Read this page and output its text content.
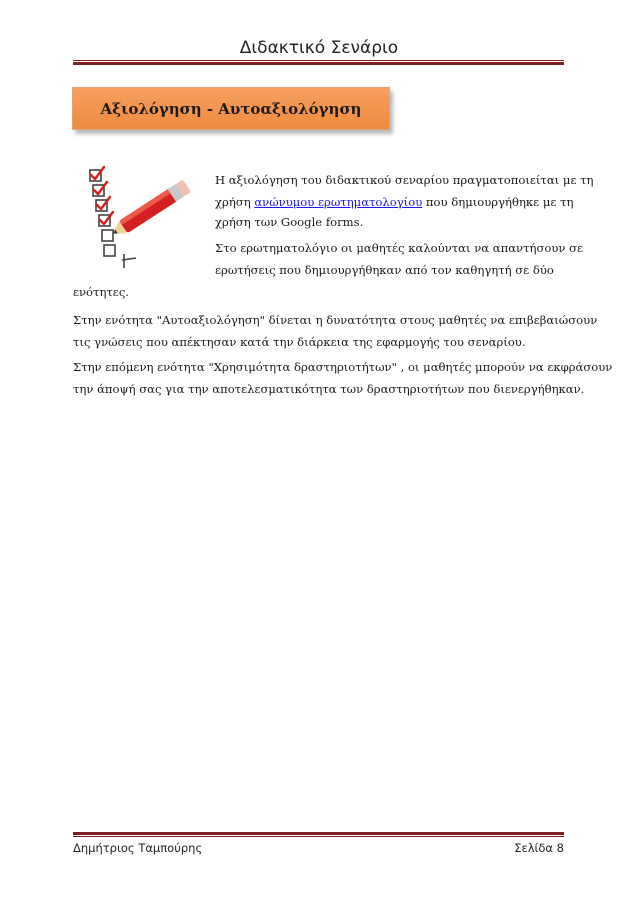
Διδακτικό Σενάριο
Αξιολόγηση - Αυτοαξιολόγηση
Η αξιολόγηση του διδακτικού σεναρίου πραγματοποιείται με τη
χρήση ανώνυμου ερωτηματολογίου που δημιουργήθηκε με τη
χρήση των Google forms.
Στο ερωτηματολόγιο οι μαθητές καλούνται να απαντήσουν σε
ερωτήσεις που δημιουργήθηκαν από τον καθηγητή σε δύο
ενότητες.
Στην ενότητα "Αυτοαξιολόγηση" δίνεται η δυνατότητα στους μαθητές να επιβεβαιώσουν
τις γνώσεις που απέκτησαν κατά την διάρκεια της εφαρμογής του σεναρίου.
Στην επόμενη ενότητα "Χρησιμότητα δραστηριοτήτων" , οι μαθητές μπορούν να εκφράσουν
την άποψή σας για την αποτελεσματικότητα των δραστηριοτήτων που διενεργήθηκαν.
Δημήτριος Ταμπούρης	Σελίδα 8
